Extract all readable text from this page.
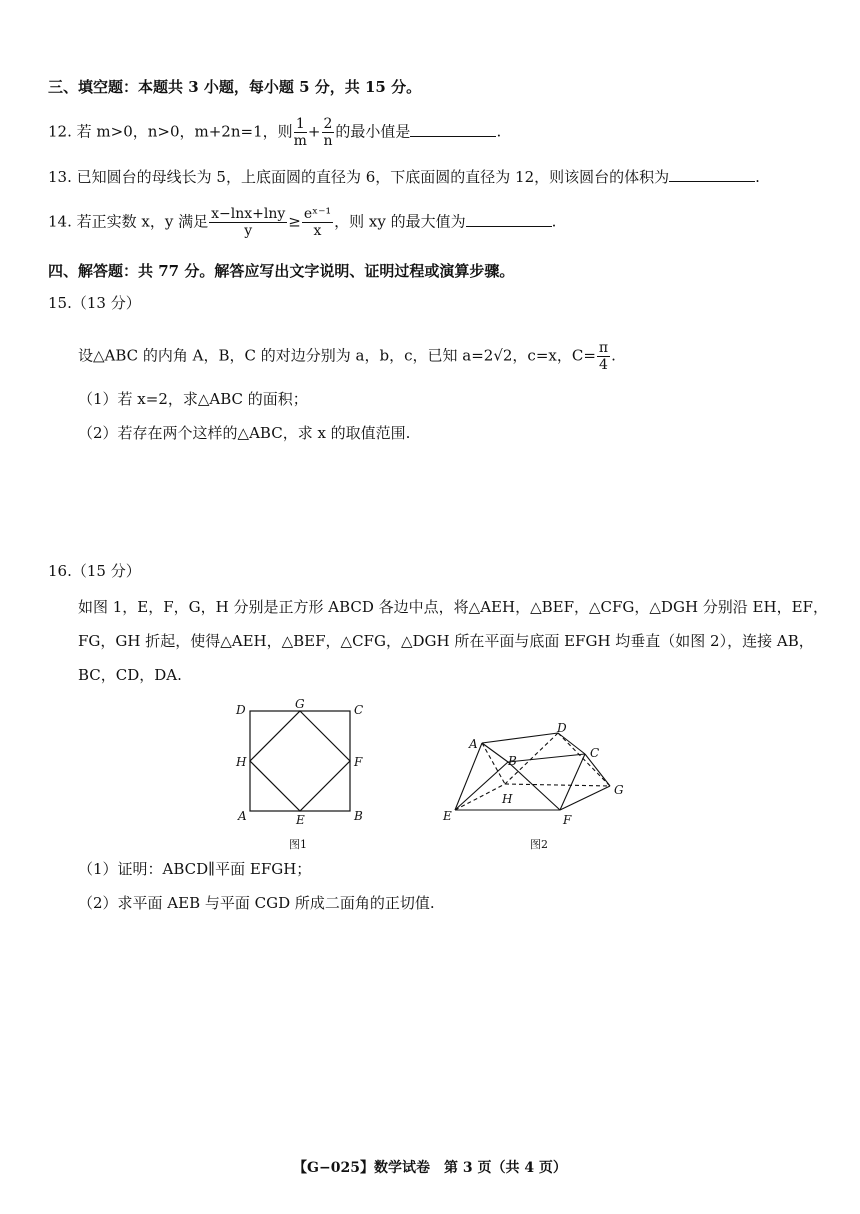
三、填空题：本题共 3 小题，每小题 5 分，共 15 分。
12. 若 m>0，n>0，m+2n=1，则 $\frac{1}{m} + \frac{2}{n}$ 的最小值是	.
13. 已知圆台的母线长为 5，上底面圆的直径为 6，下底面圆的直径为 12，则该圆台的体积为	.
14. 若正实数 x，y 满足 $\frac{x-\ln x+\ln y}{y} \ge \frac{\text{eˣ⁻¹}}{x}$ ，则 xy 的最大值为	.
四、解答题：共 77 分。解答应写出文字说明、证明过程或演算步骤。
15.（13 分）
设△ABC 的内角 A，B，C 的对边分别为 a，b，c，已知 a=2√2，c=x，$C= \frac{\pi}{4}$ .
（1）若 x=2，求△ABC 的面积；
（2）若存在两个这样的△ABC，求 x 的取值范围.
16.（15 分）
如图 1，E，F，G，H 分别是正方形 ABCD 各边中点，将△AEH，△BEF，△CFG，△DGH 分别沿 EH，EF，
FG，GH 折起，使得△AEH，△BEF，△CFG，△DGH 所在平面与底面 EFGH 均垂直（如图 2），连接 AB，
BC，CD，DA.
D	G	C
H	F
A	E	B
图1
A
B
C
D
E	F
G
H
图2
（1）证明：ABCD∥平面 EFGH；
（2）求平面 AEB 与平面 CGD 所成二面角的正切值.
【G−025】数学试卷　第 3 页（共 4 页）
